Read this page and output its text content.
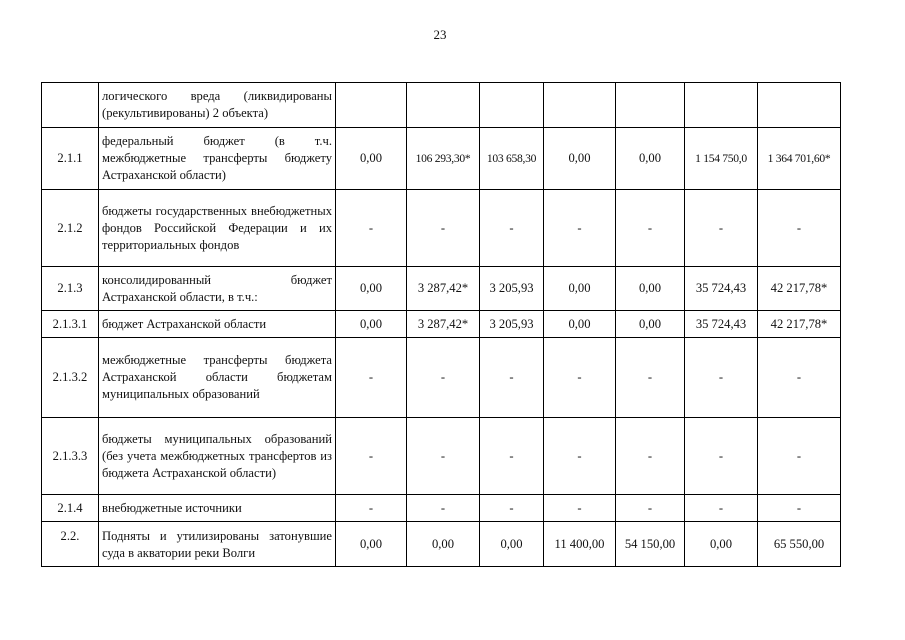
23
	логического вреда (ликвидированы (рекультивированы) 2 объекта)							
2.1.1	федеральный бюджет (в т.ч. межбюджетные трансферты бюджету Астраханской области)	0,00	106 293,30*	103 658,30	0,00	0,00	1 154 750,0	1 364 701,60*
2.1.2	бюджеты государственных внебюджетных фондов Российской Федерации и их территориальных фондов	-	-	-	-	-	-	-
2.1.3	консолидированный бюджет Астраханской области, в т.ч.:	0,00	3 287,42*	3 205,93	0,00	0,00	35 724,43	42 217,78*
2.1.3.1	бюджет Астраханской области	0,00	3 287,42*	3 205,93	0,00	0,00	35 724,43	42 217,78*
2.1.3.2	межбюджетные трансферты бюджета Астраханской области бюджетам муниципальных образований	-	-	-	-	-	-	-
2.1.3.3	бюджеты муниципальных образований (без учета межбюджетных трансфертов из бюджета Астраханской области)	-	-	-	-	-	-	-
2.1.4	внебюджетные источники	-	-	-	-	-	-	-
2.2.	Подняты и утилизированы затонувшие суда в акватории реки Волги	0,00	0,00	0,00	11 400,00	54 150,00	0,00	65 550,00
